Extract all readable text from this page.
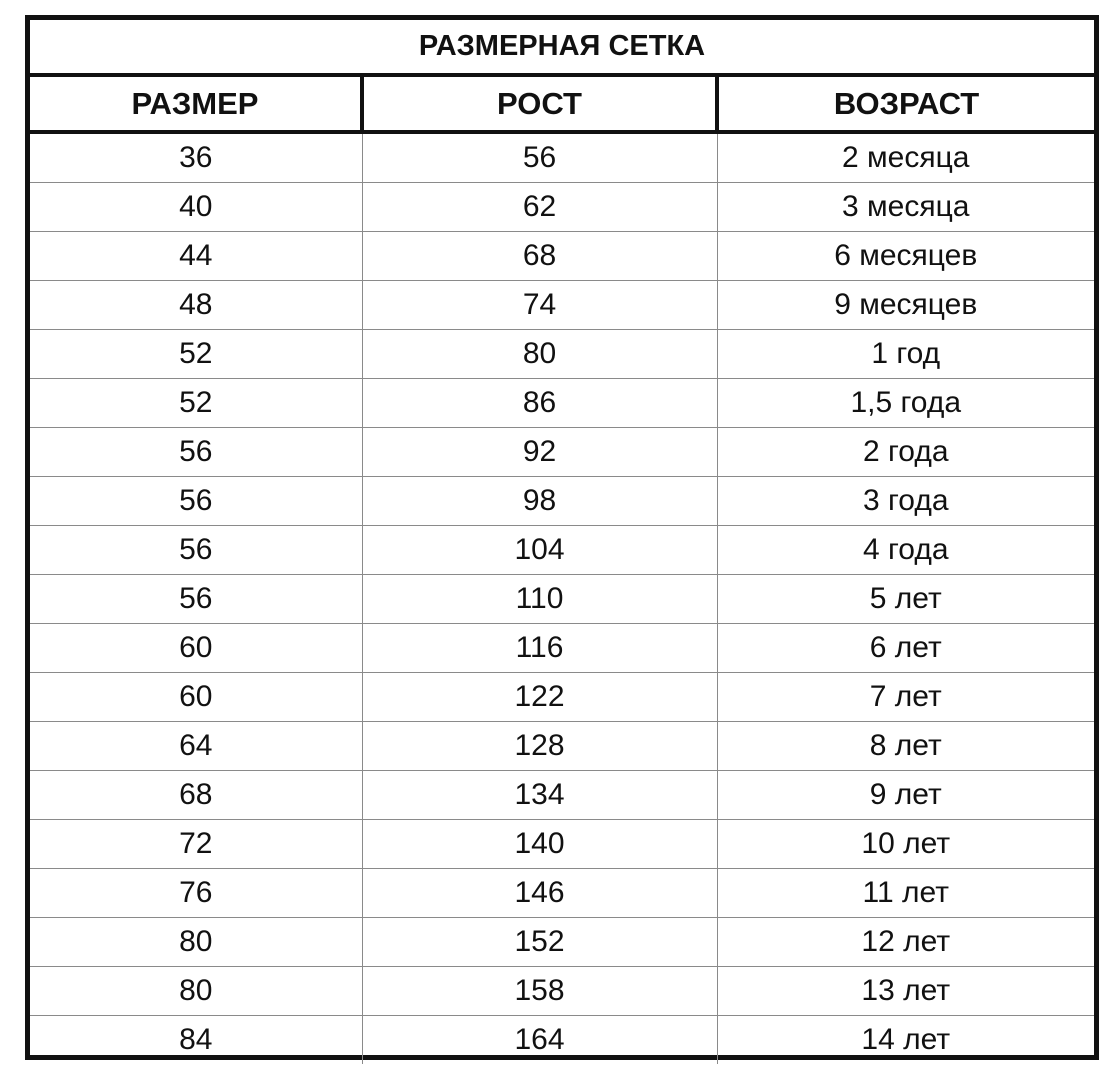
РАЗМЕРНАЯ СЕТКА		
РАЗМЕР	РОСТ	ВОЗРАСТ
36	56	2 месяца
40	62	3 месяца
44	68	6 месяцев
48	74	9 месяцев
52	80	1 год
52	86	1,5 года
56	92	2 года
56	98	3 года
56	104	4 года
56	110	5 лет
60	116	6 лет
60	122	7 лет
64	128	8 лет
68	134	9 лет
72	140	10 лет
76	146	11 лет
80	152	12 лет
80	158	13 лет
84	164	14 лет
